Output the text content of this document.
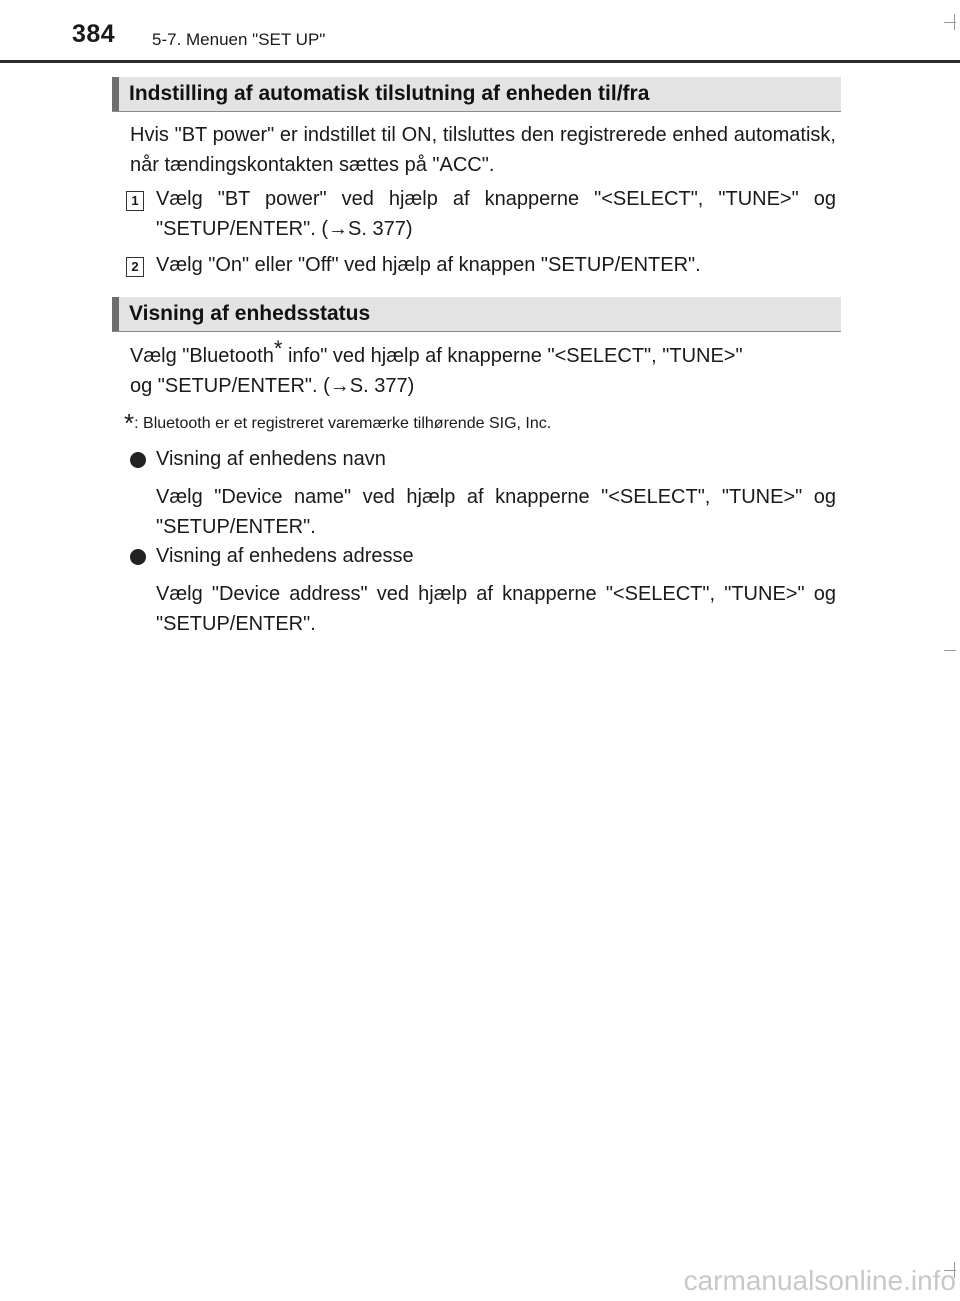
384 5-7. Menuen "SET UP"
Indstilling af automatisk tilslutning af enheden til/fra
Hvis "BT power" er indstillet til ON, tilsluttes den registrerede enhed automatisk, når tændingskontakten sættes på "ACC".
1 Vælg "BT power" ved hjælp af knapperne "<SELECT", "TUNE>" og "SETUP/ENTER". (→S. 377)
2 Vælg "On" eller "Off" ved hjælp af knappen "SETUP/ENTER".
Visning af enhedsstatus
Vælg "Bluetooth* info" ved hjælp af knapperne "<SELECT", "TUNE>"
og "SETUP/ENTER". (→S. 377)
*: Bluetooth er et registreret varemærke tilhørende SIG, Inc.
Visning af enhedens navn
Vælg "Device name" ved hjælp af knapperne "<SELECT", "TUNE>" og "SETUP/ENTER".
Visning af enhedens adresse
Vælg "Device address" ved hjælp af knapperne "<SELECT", "TUNE>" og "SETUP/ENTER".
carmanualsonline.info
